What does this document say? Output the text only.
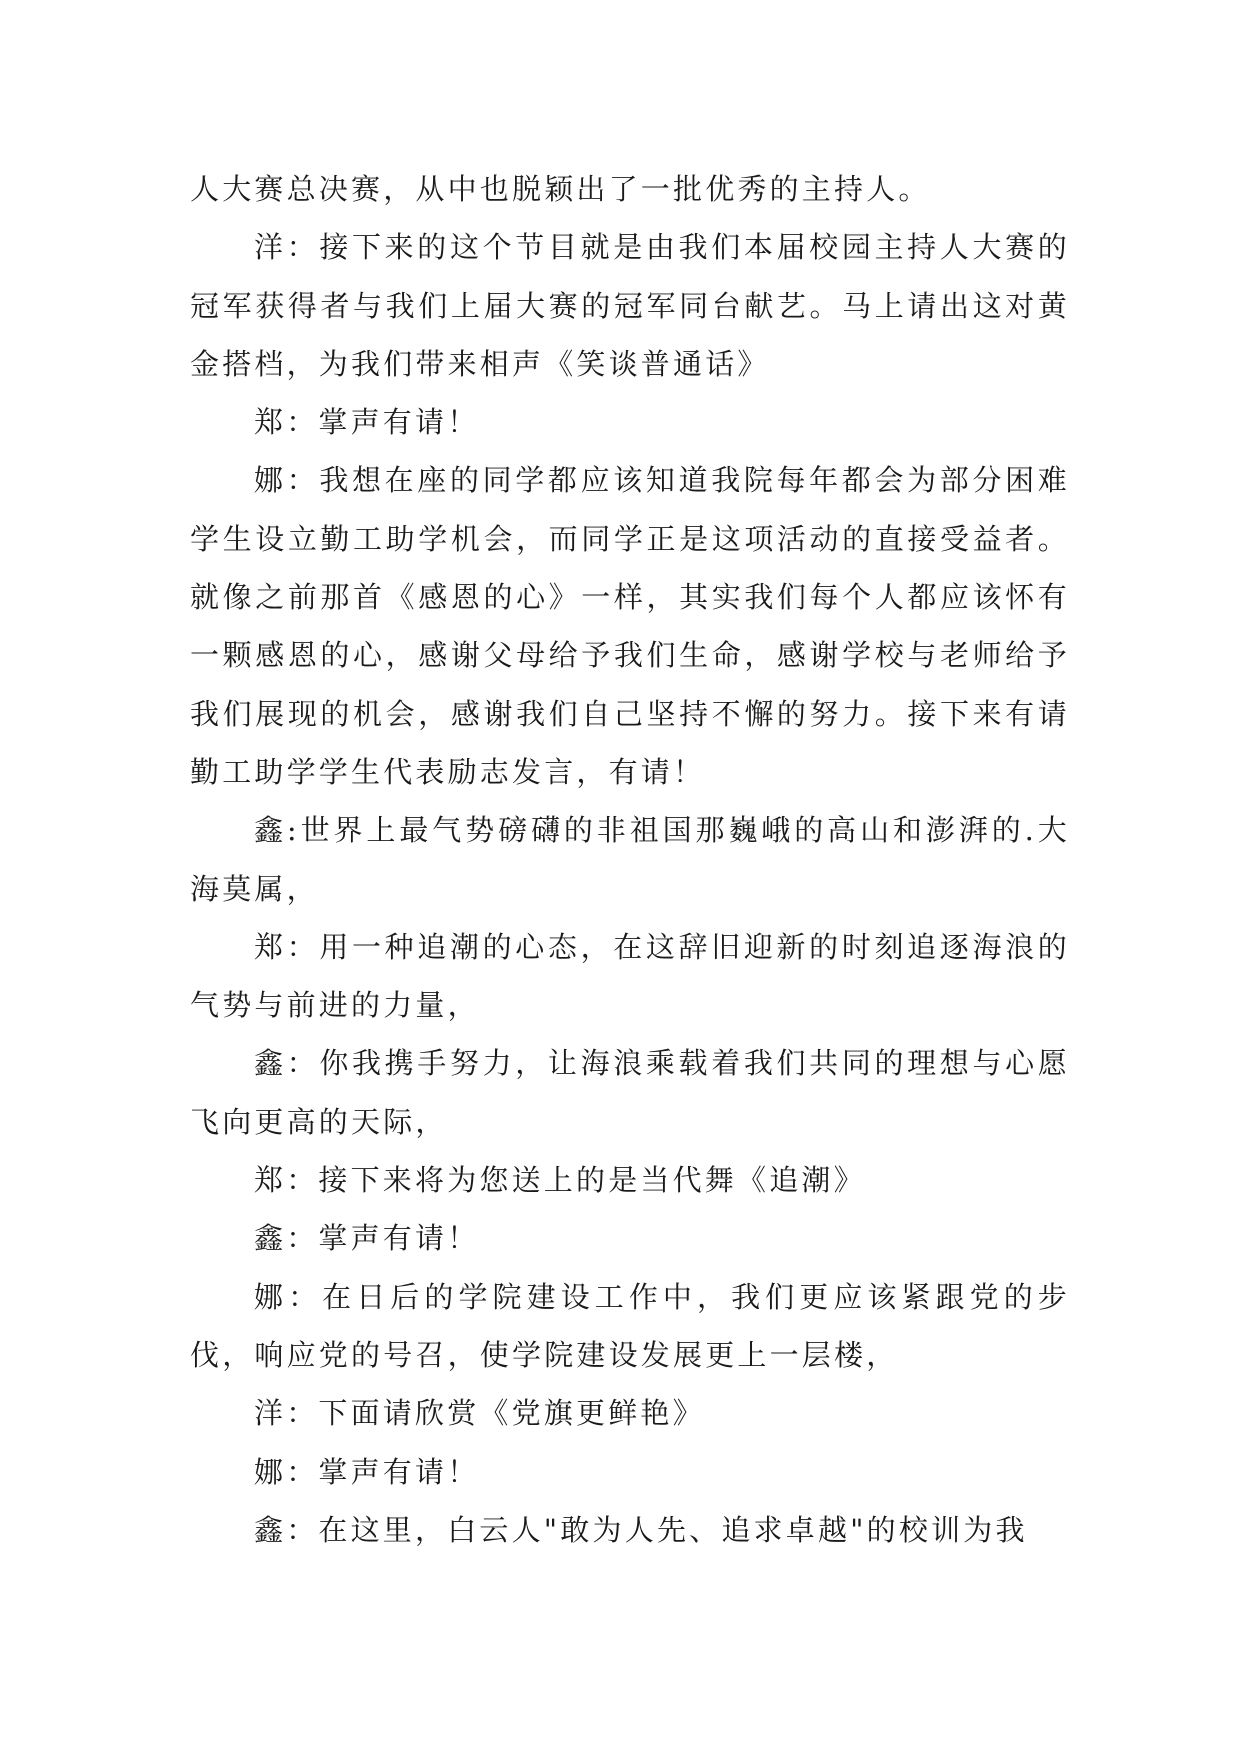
人大赛总决赛，从中也脱颖出了一批优秀的主持人。

洋：接下来的这个节目就是由我们本届校园主持人大赛的冠军获得者与我们上届大赛的冠军同台献艺。马上请出这对黄金搭档，为我们带来相声《笑谈普通话》

郑：掌声有请！

娜：我想在座的同学都应该知道我院每年都会为部分困难学生设立勤工助学机会，而同学正是这项活动的直接受益者。就像之前那首《感恩的心》一样，其实我们每个人都应该怀有一颗感恩的心，感谢父母给予我们生命，感谢学校与老师给予我们展现的机会，感谢我们自己坚持不懈的努力。接下来有请勤工助学学生代表励志发言，有请！

鑫:世界上最气势磅礴的非祖国那巍峨的高山和澎湃的.大海莫属，

郑：用一种追潮的心态，在这辞旧迎新的时刻追逐海浪的气势与前进的力量，

鑫：你我携手努力，让海浪乘载着我们共同的理想与心愿飞向更高的天际，

郑：接下来将为您送上的是当代舞《追潮》

鑫：掌声有请！

娜：在日后的学院建设工作中，我们更应该紧跟党的步伐，响应党的号召，使学院建设发展更上一层楼，

洋：下面请欣赏《党旗更鲜艳》

娜：掌声有请！

鑫：在这里，白云人"敢为人先、追求卓越"的校训为我
